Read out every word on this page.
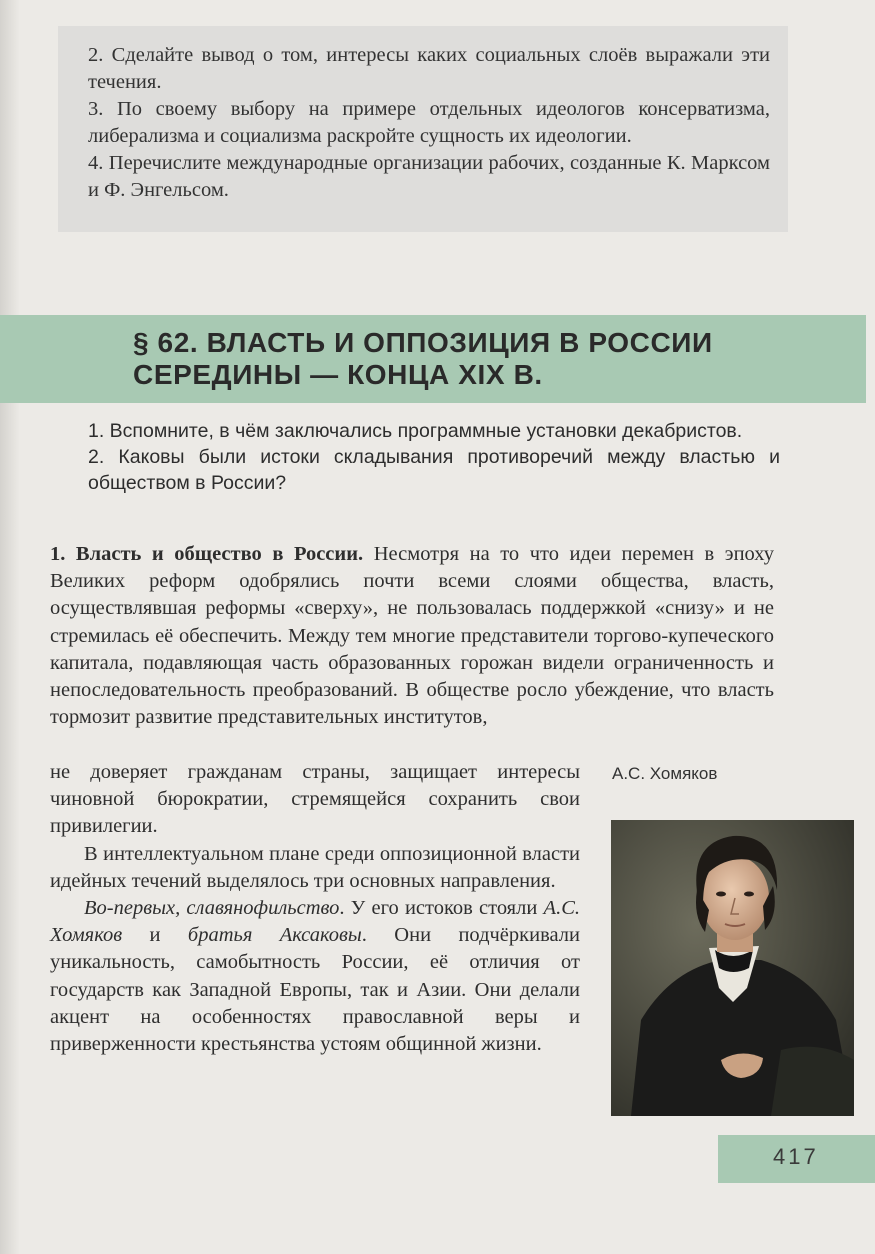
2. Сделайте вывод о том, интересы каких социальных слоёв выражали эти течения.

3. По своему выбору на примере отдельных идеологов консерватизма, либерализма и социализма раскройте сущность их идеологии.

4. Перечислите международные организации рабочих, созданные К. Марксом и Ф. Энгельсом.

§ 62. ВЛАСТЬ И ОППОЗИЦИЯ В РОССИИ
СЕРЕДИНЫ — КОНЦА XIX В.

1. Вспомните, в чём заключались программные установки декабристов.

2. Каковы были истоки складывания противоречий между властью и обществом в России?

1. Власть и общество в России. Несмотря на то что идеи перемен в эпоху Великих реформ одобрялись почти всеми слоями общества, власть, осуществлявшая реформы «сверху», не пользовалась поддержкой «снизу» и не стремилась её обеспечить. Между тем многие представители торгово-купеческого капитала, подавляющая часть образованных горожан видели ограниченность и непоследовательность преобразований. В обществе росло убеждение, что власть тормозит развитие представительных институтов,

не доверяет гражданам страны, защищает интересы чиновной бюрократии, стремящейся сохранить свои привилегии.

В интеллектуальном плане среди оппозиционной власти идейных течений выделялось три основных направления.

Во-первых, славянофильство. У его истоков стояли А.С. Хомяков и братья Аксаковы. Они подчёркивали уникальность, самобытность России, её отличия от государств как Западной Европы, так и Азии. Они делали акцент на особенностях православной веры и приверженности крестьянства устоям общинной жизни.

А.С. Хомяков
417
